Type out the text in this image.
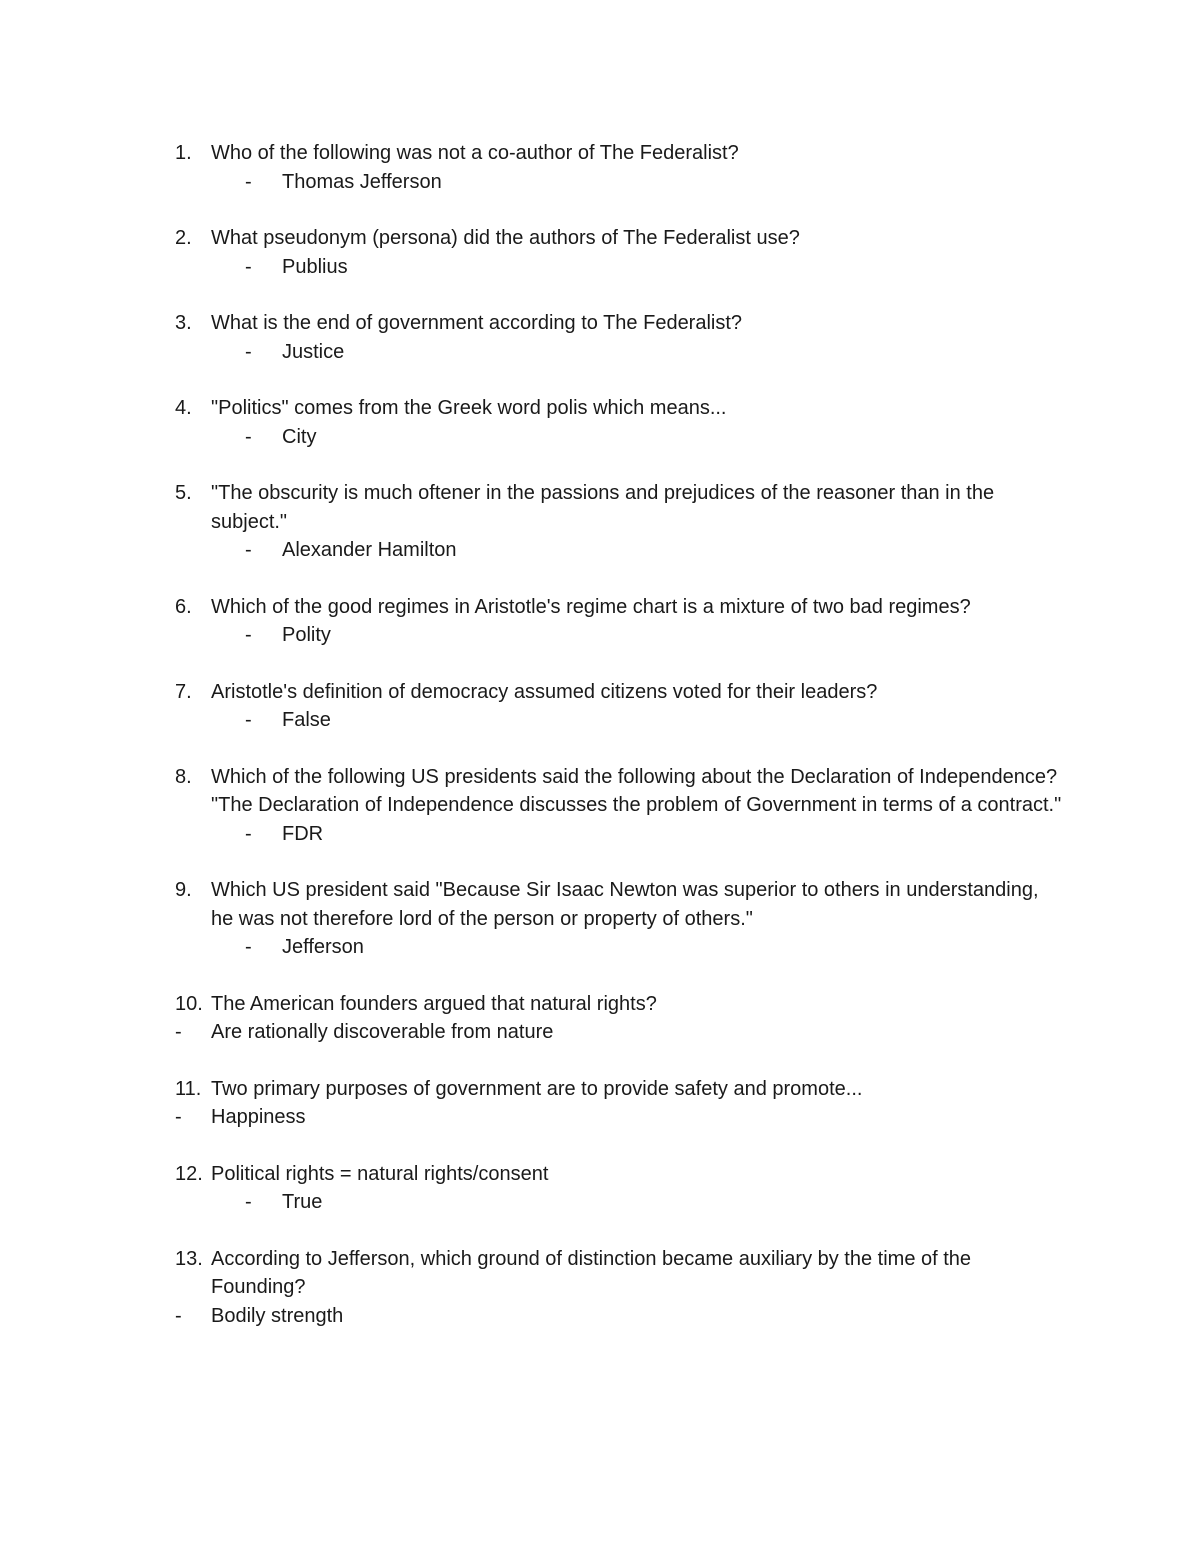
1. Who of the following was not a co-author of The Federalist?
- Thomas Jefferson
2. What pseudonym (persona) did the authors of The Federalist use?
- Publius
3. What is the end of government according to The Federalist?
- Justice
4. "Politics" comes from the Greek word polis which means...
- City
5. "The obscurity is much oftener in the passions and prejudices of the reasoner than in the subject."
- Alexander Hamilton
6. Which of the good regimes in Aristotle's regime chart is a mixture of two bad regimes?
- Polity
7. Aristotle's definition of democracy assumed citizens voted for their leaders?
- False
8. Which of the following US presidents said the following about the Declaration of Independence? "The Declaration of Independence discusses the problem of Government in terms of a contract."
- FDR
9. Which US president said "Because Sir Isaac Newton was superior to others in understanding, he was not therefore lord of the person or property of others."
- Jefferson
10. The American founders argued that natural rights?
- Are rationally discoverable from nature
11. Two primary purposes of government are to provide safety and promote...
- Happiness
12. Political rights = natural rights/consent
- True
13. According to Jefferson, which ground of distinction became auxiliary by the time of the Founding?
- Bodily strength
